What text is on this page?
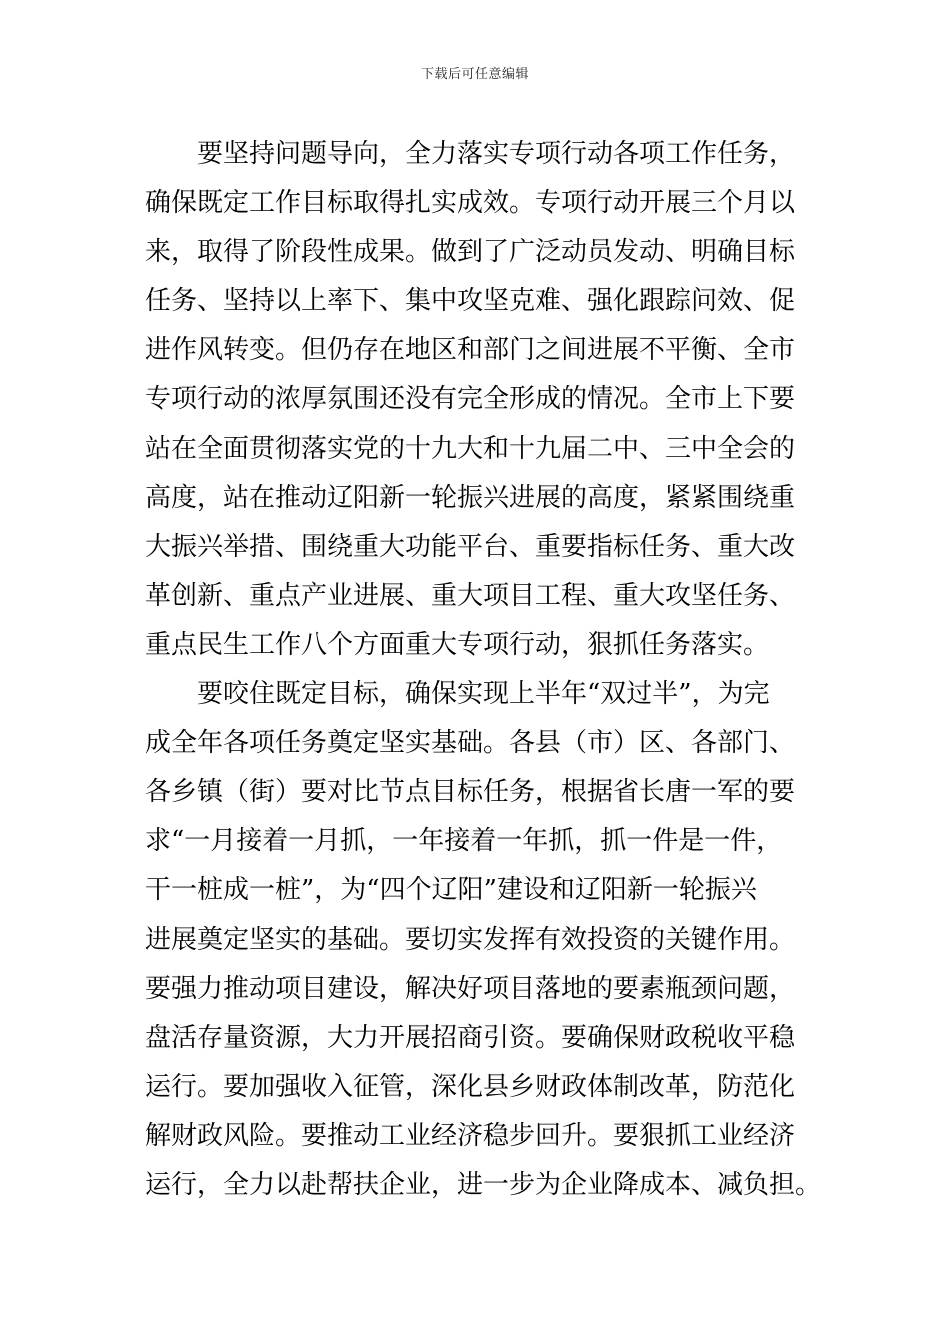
下载后可任意编辑
要坚持问题导向，全力落实专项行动各项工作任务，
确保既定工作目标取得扎实成效。专项行动开展三个月以
来，取得了阶段性成果。做到了广泛动员发动、明确目标
任务、坚持以上率下、集中攻坚克难、强化跟踪问效、促
进作风转变。但仍存在地区和部门之间进展不平衡、全市
专项行动的浓厚氛围还没有完全形成的情况。全市上下要
站在全面贯彻落实党的十九大和十九届二中、三中全会的
高度，站在推动辽阳新一轮振兴进展的高度，紧紧围绕重
大振兴举措、围绕重大功能平台、重要指标任务、重大改
革创新、重点产业进展、重大项目工程、重大攻坚任务、
重点民生工作八个方面重大专项行动，狠抓任务落实。
要咬住既定目标，确保实现上半年“双过半”，为完
成全年各项任务奠定坚实基础。各县（市）区、各部门、
各乡镇（街）要对比节点目标任务，根据省长唐一军的要
求“一月接着一月抓，一年接着一年抓，抓一件是一件，
干一桩成一桩”，为“四个辽阳”建设和辽阳新一轮振兴
进展奠定坚实的基础。要切实发挥有效投资的关键作用。
要强力推动项目建设，解决好项目落地的要素瓶颈问题，
盘活存量资源，大力开展招商引资。要确保财政税收平稳
运行。要加强收入征管，深化县乡财政体制改革，防范化
解财政风险。要推动工业经济稳步回升。要狠抓工业经济
运行，全力以赴帮扶企业，进一步为企业降成本、减负担。
